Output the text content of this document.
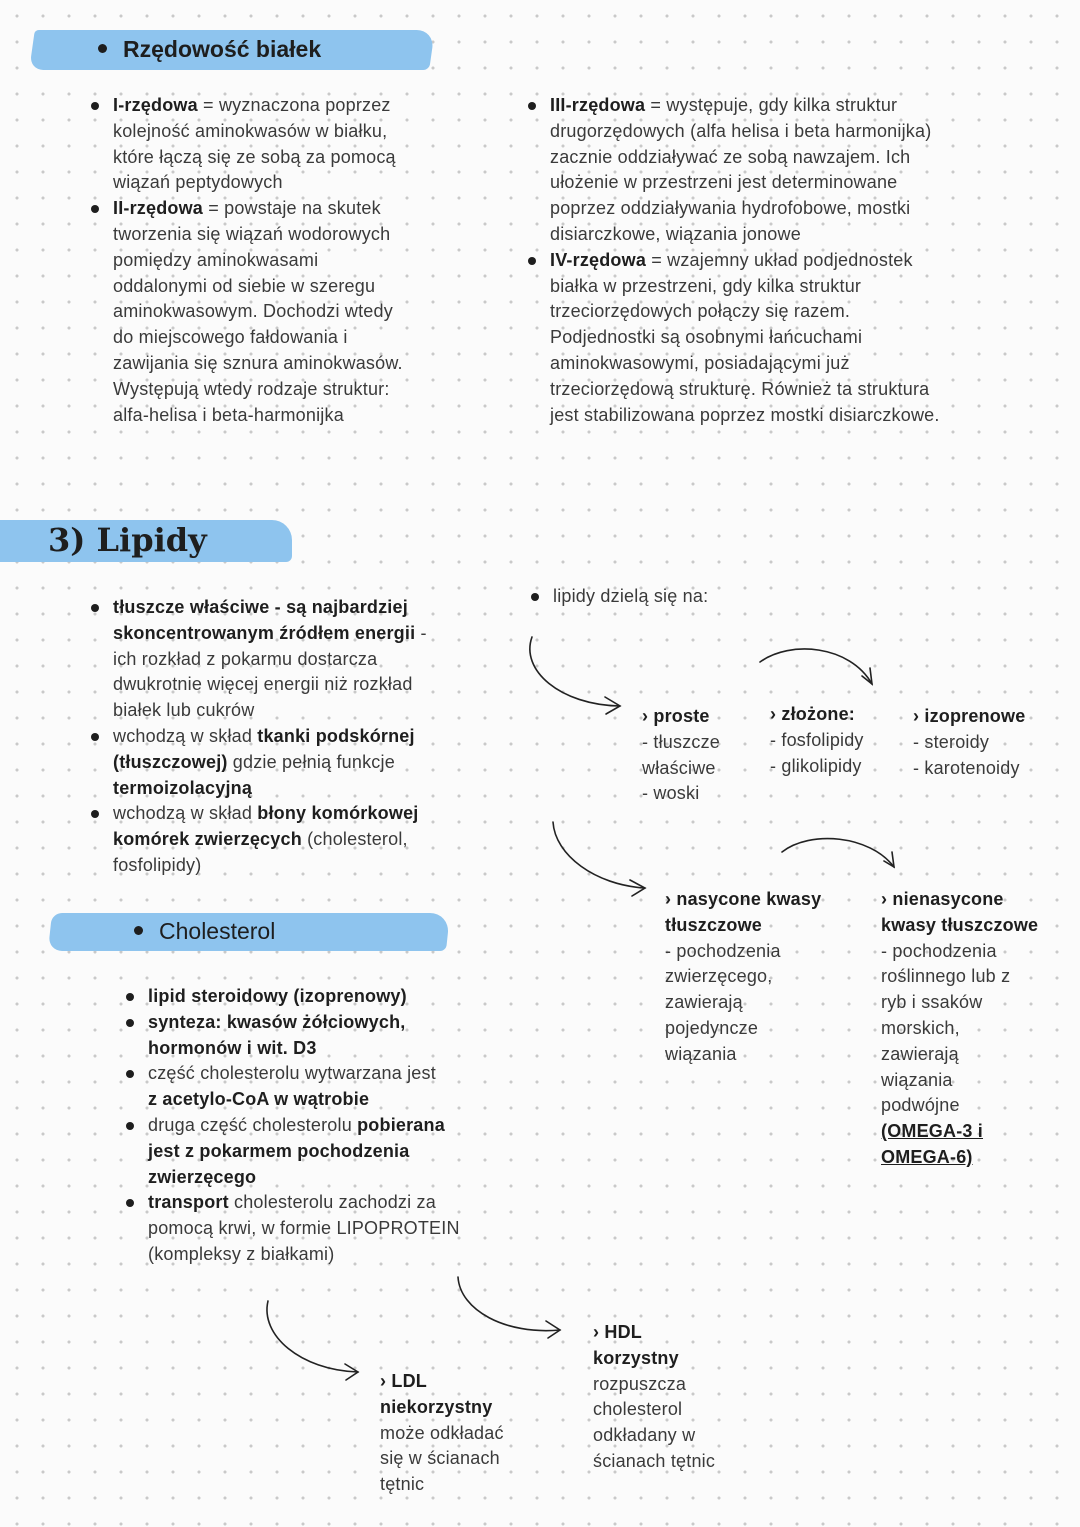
Rzędowość białek
3) Lipidy
Cholesterol
I-rzędowa = wyznaczona poprzez
kolejność aminokwasów w białku,
które łączą się ze sobą za pomocą
wiązań peptydowych
II-rzędowa = powstaje na skutek
tworzenia się wiązań wodorowych
pomiędzy aminokwasami
oddalonymi od siebie w szeregu
aminokwasowym. Dochodzi wtedy
do miejscowego fałdowania i
zawijania się sznura aminokwasów.
Występują wtedy rodzaje struktur:
alfa-helisa i beta-harmonijka
III-rzędowa = występuje, gdy kilka struktur
drugorzędowych (alfa helisa i beta harmonijka)
zacznie oddziaływać ze sobą nawzajem. Ich
ułożenie w przestrzeni jest determinowane
poprzez oddziaływania hydrofobowe, mostki
disiarczkowe, wiązania jonowe
IV-rzędowa = wzajemny układ podjednostek
białka w przestrzeni, gdy kilka struktur
trzeciorzędowych połączy się razem.
Podjednostki są osobnymi łańcuchami
aminokwasowymi, posiadającymi już
trzeciorzędową strukturę. Również ta struktura
jest stabilizowana poprzez mostki disiarczkowe.
tłuszcze właściwe - są najbardziej
skoncentrowanym źródłem energii -
ich rozkład z pokarmu dostarcza
dwukrotnie więcej energii niż rozkład
białek lub cukrów
wchodzą w skład tkanki podskórnej
(tłuszczowej) gdzie pełnią funkcje
termoizolacyjną
wchodzą w skład błony komórkowej
komórek zwierzęcych (cholesterol,
fosfolipidy)
lipidy dzielą się na:
› proste
- tłuszcze
właściwe
- woski
› złożone:
- fosfolipidy
- glikolipidy
› izoprenowe
- steroidy
- karotenoidy
› nasycone kwasy
tłuszczowe
- pochodzenia
zwierzęcego,
zawierają
pojedyncze
wiązania
› nienasycone
kwasy tłuszczowe
- pochodzenia
roślinnego lub z
ryb i ssaków
morskich,
zawierają
wiązania
podwójne
(OMEGA-3 i
OMEGA-6)
lipid steroidowy (izoprenowy)
synteza: kwasów żółciowych,
hormonów i wit. D3
część cholesterolu wytwarzana jest
z acetylo-CoA w wątrobie
druga część cholesterolu pobierana
jest z pokarmem pochodzenia
zwierzęcego
transport cholesterolu zachodzi za
pomocą krwi, w formie LIPOPROTEIN
(kompleksy z białkami)
› LDL
niekorzystny
może odkładać
się w ścianach
tętnic
› HDL
korzystny
rozpuszcza
cholesterol
odkładany w
ścianach tętnic
